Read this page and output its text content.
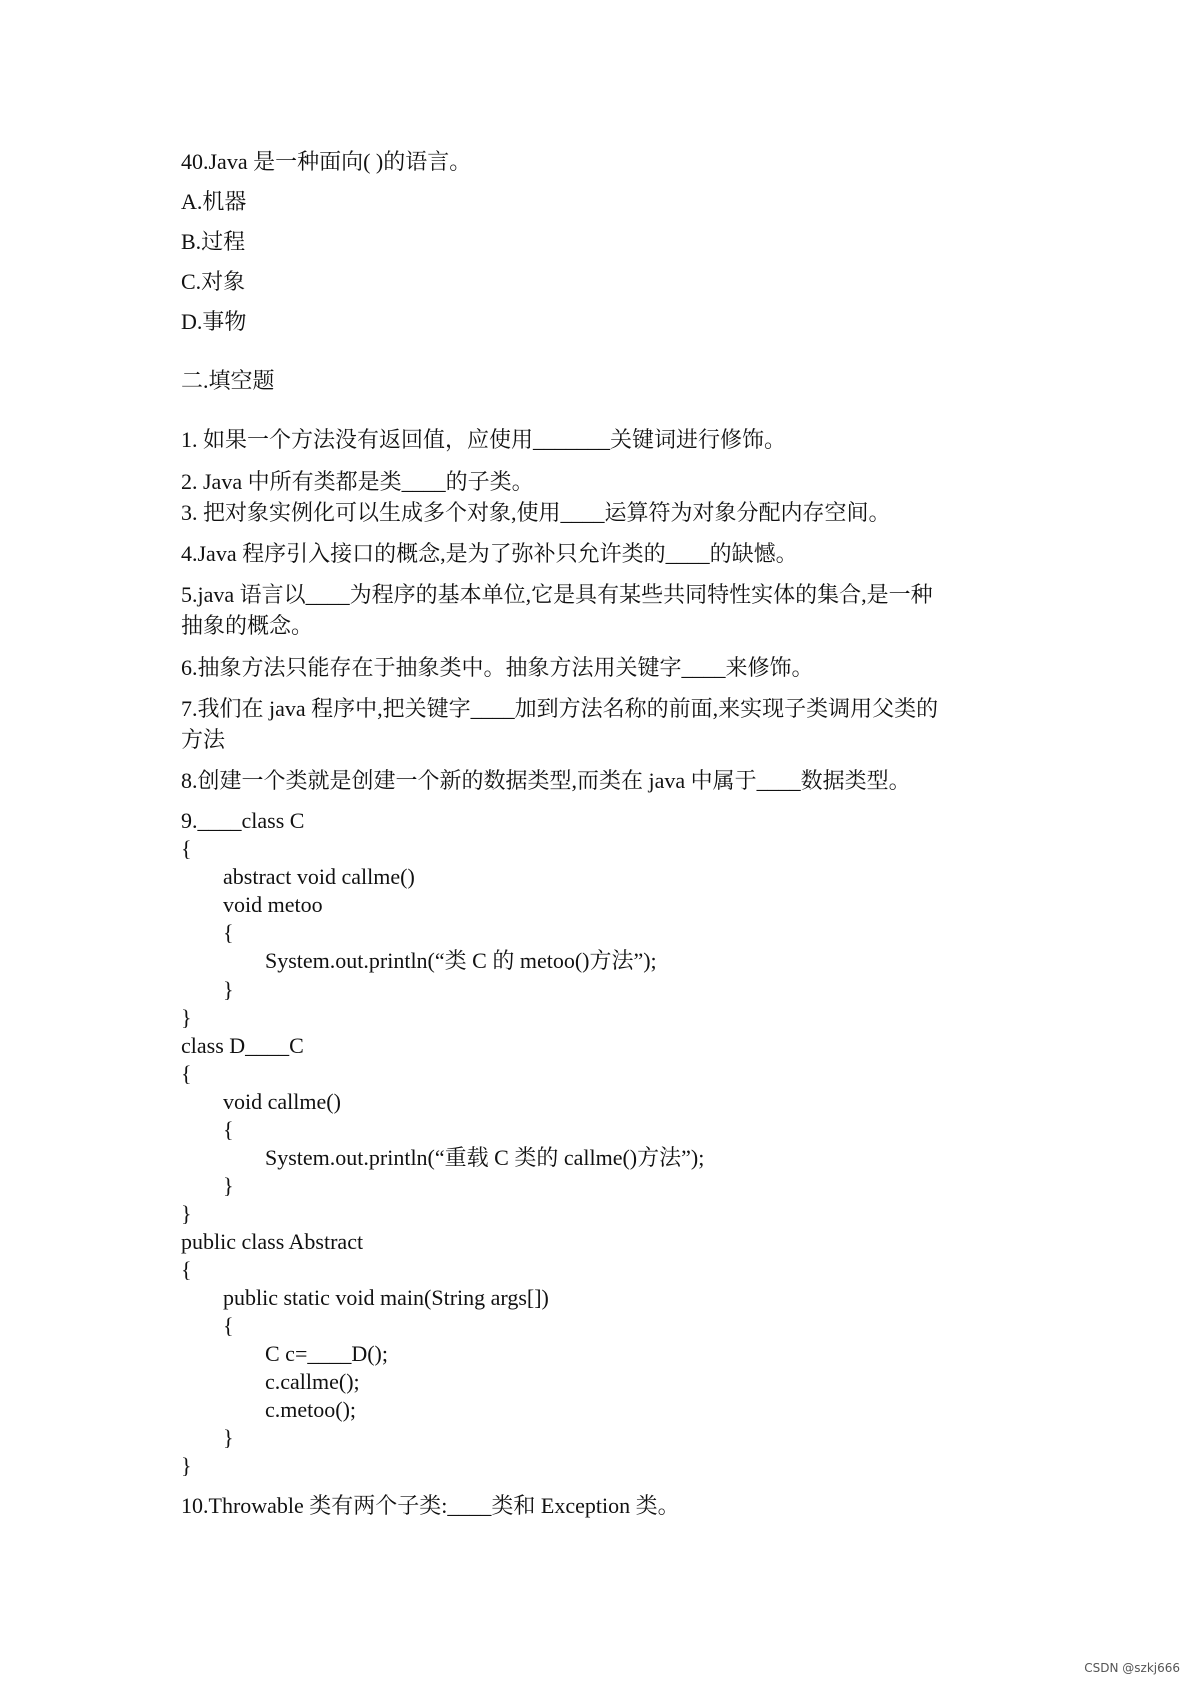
40.Java 是一种面向( )的语言。
A.机器
B.过程
C.对象
D.事物
二.填空题
1. 如果一个方法没有返回值，应使用_______关键词进行修饰。
2. Java 中所有类都是类____的子类。
3. 把对象实例化可以生成多个对象,使用____运算符为对象分配内存空间。
4.Java 程序引入接口的概念,是为了弥补只允许类的____的缺憾。
5.java 语言以____为程序的基本单位,它是具有某些共同特性实体的集合,是一种
抽象的概念。
6.抽象方法只能存在于抽象类中。抽象方法用关键字____来修饰。
7.我们在 java 程序中,把关键字____加到方法名称的前面,来实现子类调用父类的
方法
8.创建一个类就是创建一个新的数据类型,而类在 java 中属于____数据类型。
9.____class C
{
abstract void callme()
void metoo
{
System.out.println(“类 C 的 metoo()方法”);
}
}
class D____C
{
void callme()
{
System.out.println(“重载 C 类的 callme()方法”);
}
}
public class Abstract
{
public static void main(String args[])
{
C c=____D();
c.callme();
c.metoo();
}
}
10.Throwable 类有两个子类:____类和 Exception 类。
CSDN @szkj666
